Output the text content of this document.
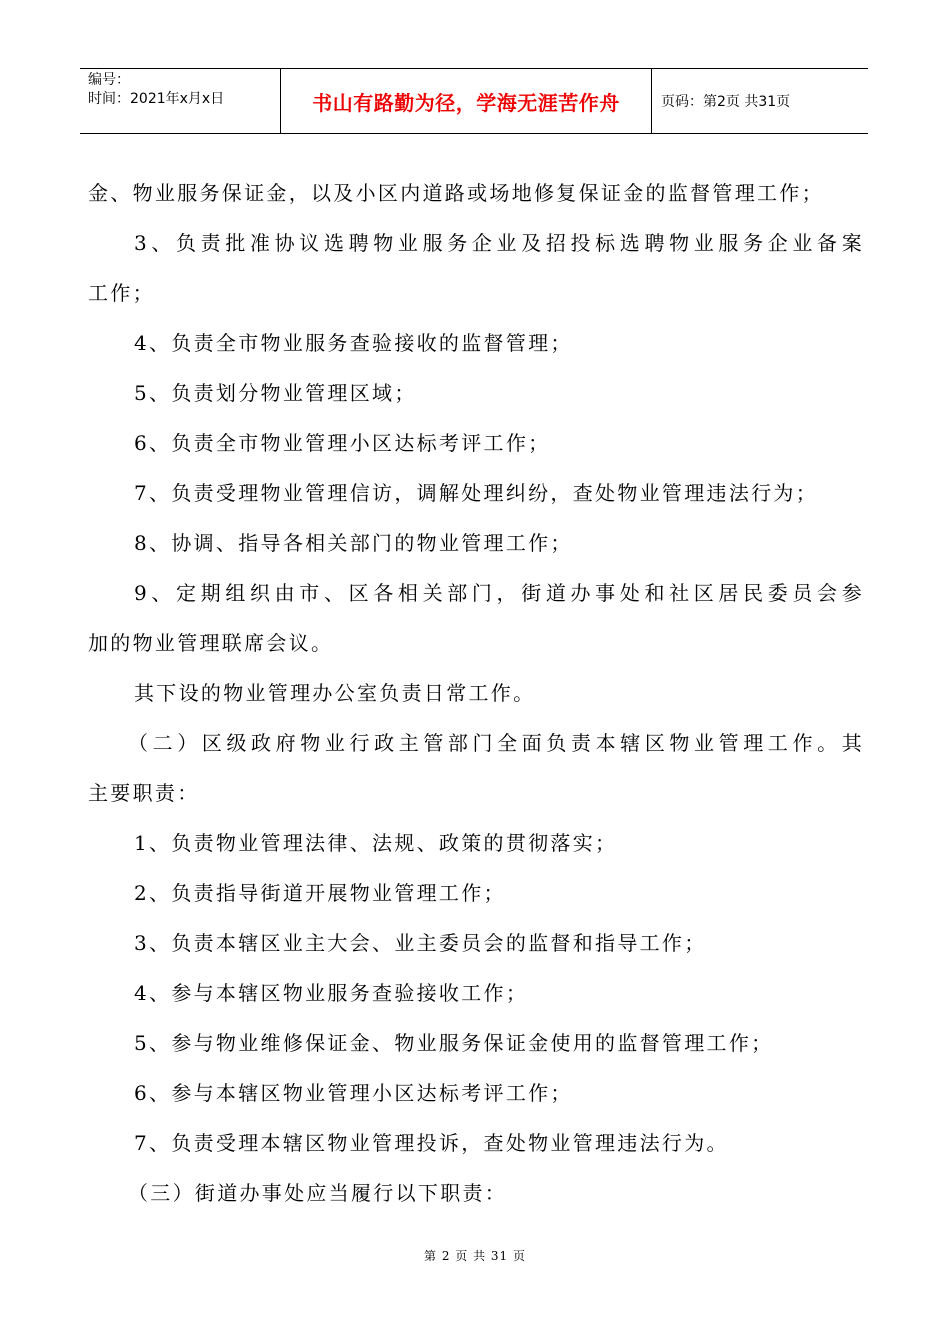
编号：
时间：2021年x月x日	书山有路勤为径，学海无涯苦作舟	页码：第2页 共31页

金、物业服务保证金，以及小区内道路或场地修复保证金的监督管理工作；

3、负责批准协议选聘物业服务企业及招投标选聘物业服务企业备案

工作；

4、负责全市物业服务查验接收的监督管理；

5、负责划分物业管理区域；

6、负责全市物业管理小区达标考评工作；

7、负责受理物业管理信访，调解处理纠纷，查处物业管理违法行为；

8、协调、指导各相关部门的物业管理工作；

9、定期组织由市、区各相关部门，街道办事处和社区居民委员会参

加的物业管理联席会议。

其下设的物业管理办公室负责日常工作。

（二）区级政府物业行政主管部门全面负责本辖区物业管理工作。其

主要职责：

1、负责物业管理法律、法规、政策的贯彻落实；

2、负责指导街道开展物业管理工作；

3、负责本辖区业主大会、业主委员会的监督和指导工作；

4、参与本辖区物业服务查验接收工作；

5、参与物业维修保证金、物业服务保证金使用的监督管理工作；

6、参与本辖区物业管理小区达标考评工作；

7、负责受理本辖区物业管理投诉，查处物业管理违法行为。

（三）街道办事处应当履行以下职责：

第 2 页 共 31 页
